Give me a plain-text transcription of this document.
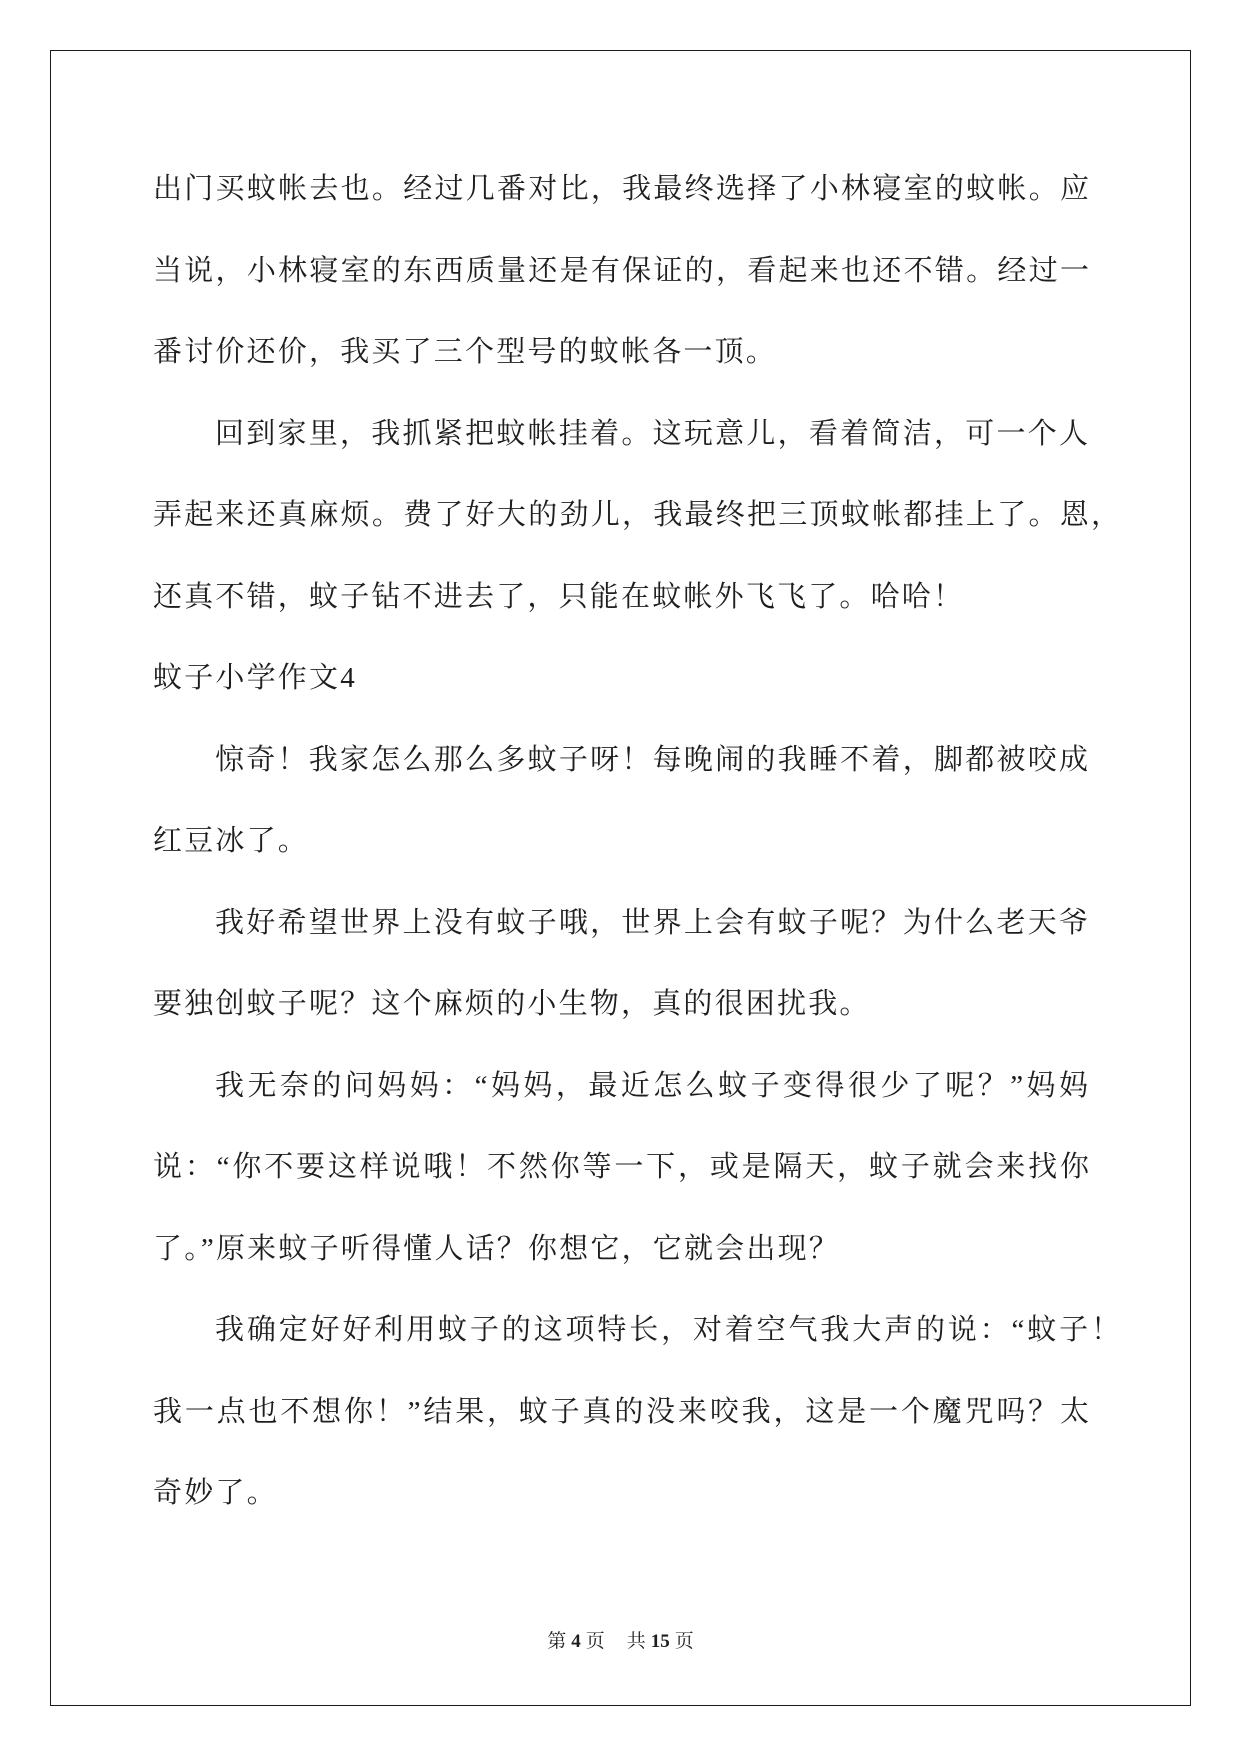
出门买蚊帐去也。经过几番对比，我最终选择了小林寝室的蚊帐。应
当说，小林寝室的东西质量还是有保证的，看起来也还不错。经过一
番讨价还价，我买了三个型号的蚊帐各一顶。
回到家里，我抓紧把蚊帐挂着。这玩意儿，看着简洁，可一个人
弄起来还真麻烦。费了好大的劲儿，我最终把三顶蚊帐都挂上了。恩，
还真不错，蚊子钻不进去了，只能在蚊帐外飞飞了。哈哈！
蚊子小学作文4
惊奇！我家怎么那么多蚊子呀！每晚闹的我睡不着，脚都被咬成
红豆冰了。
我好希望世界上没有蚊子哦，世界上会有蚊子呢？为什么老天爷
要独创蚊子呢？这个麻烦的小生物，真的很困扰我。
我无奈的问妈妈：“妈妈，最近怎么蚊子变得很少了呢？”妈妈
说：“你不要这样说哦！不然你等一下，或是隔天，蚊子就会来找你
了。”原来蚊子听得懂人话？你想它，它就会出现？
我确定好好利用蚊子的这项特长，对着空气我大声的说：“蚊子！
我一点也不想你！”结果，蚊子真的没来咬我，这是一个魔咒吗？太
奇妙了。
第 4 页 共 15 页
